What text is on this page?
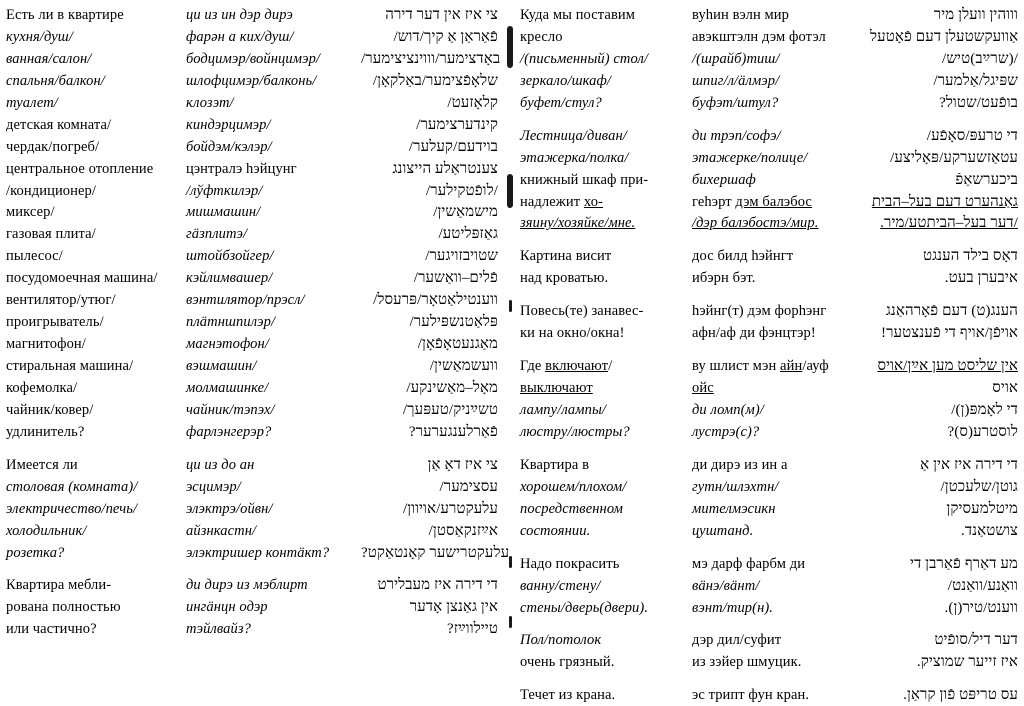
Есть ли в квартире	ци из ин дэр дирэ	צי איז אין דער דירה
кухня/душ/	фарән а ких/душ/	פֿאַראַן אַ קיך/דוש/
ванная/салон/	бодцимэр/войнцимэр/	באָדצימער/וווינציצימער/
спальня/балкон/	шлофцимэр/балконь/	שלאָפֿצימער/באַלקאָן/
туалет/	клозэт/	קלאָזעט/
детская комната/	киндэрцимэр/	קינדערצימער/
чердак/погреб/	бойдэм/кэлэр/	בוידעם/קעלער/
центральное отопление	цэнтралэ hэйцунг	צענטראַלע הייצונג
/кондиционер/	/лўфткилэр/	/לופֿטקילער/
миксер/	мишмашин/	מישמאַשין/
газовая плита/	гӓзплитэ/	גאַזפּליטע/
пылесос/	штойбзойгер/	שטויבזויגער/
посудомоечная машина/	кэйлимвашер/	פֿלים–וואַשער/
вентилятор/утюг/	вэнтилятор/прэсл/	ווענטילאַטאָר/פּרעסל/
проигрыватель/	плӓтншпилэр/	פּלאַטנשפּילער/
магнитофон/	магнэтофон/	מאַגנעטאָפֿאָן/
стиральная машина/	вэшмашин/	וועשמאַשין/
кофемолка/	молмашинке/	מאָל–מאַשינקע/
чайник/ковер/	чайник/тэпэх/	טשײַניק/טעפּעך/
удлинитель?	фарлэнгерэр?	פֿאַרלענגערער?
Имеется ли	ци из до ан	צי איז דאָ אַן
столовая (комната)/	эсцимэр/	עסצימער/
электричество/печь/	элэктрэ/ойвн/	עלעקטרע/אויוון/
холодильник/	айзнкастн/	אײַזנקאַסטן/
розетка?	элэктришер контӓкт?	עלעקטרישער קאָנטאַקט?
Квартира мебли-	ди дирэ из мэблирт	די דירה איז מעבלירט
рована полностью	ингӓнцн одэр	אין גאַנצן אָדער
или частично?	тэйлвайз?	טיילווײַז?
Куда мы поставим	вуhин вэлн мир	וווהין וועלן מיר
кресло	авэкштэлн дэм фотэл	אַוועקשטעלן דעם פֿאָטעל
/(письменный) стол/	/(шрайб)тиш/	/(שרײַב)טיש/
зеркало/шкаф/	шпиг/л/ӓлмэр/	שפּיגל/אַלמער/
буфет/стул?	буфэт/штул?	בופֿעט/שטול?
Лестница/диван/	ди трэп/софэ/	די טרעפּ/סאָפֿע/
этажерка/полка/	этажерке/полице/	עטאַזשערקע/פּאָליצע/
книжный шкаф при-	бихершаф	ביכערשאַפֿ
надлежит хо-	геhэрт дэм балэбос	גאַנהערט דעם בעל–הבית
зяину/хозяйке/мне.	/дэр балэбостэ/мир.	/דער בעל–הביתטע/מיר.
Картина висит	дос билд hэйнгт	דאָס בילד הענגט
над кроватью.	ибэрн бэт.	איבערן בעט.
Повесь(те) занавес-	hэйнг(т) дэм форhэнг	הענג(ט) דעם פֿאָרהאַנג
ки на окно/окна!	афн/аф ди фэнцтэр!	אויפֿן/אויף די פֿענצטער!
Где включают/	ву шлист мэн айн/ауф	אין שליסט מען אײַן/אויס
выключают	ойс	אויס
лампу/лампы/	ди ломп(м)/	די לאָמפּ(ן)/
люстру/люстры?	лустрэ(с)?	לוסטרע(ס)?
Квартира в	ди дирэ из ин а	די דירה איז אין אַ
хорошем/плохом/	гутн/шлэхтн/	גוטן/שלעכטן/
посредственном	мителмэсикн	מיטלמעסיקן
состоянии.	цуштанд.	צושטאַנד.
Надо покрасить	мэ дарф фарбм ди	מע דאַרף פֿאַרבן די
ванну/стену/	вӓнэ/вӓнт/	וואַנע/וואַנט/
стены/дверь(двери).	вэнт/тир(н).	ווענט/טיר(ן).
Пол/потолок	дэр дил/суфит	דער דיל/סופֿיט
очень грязный.	из зэйер шмуцик.	איז זייער שמוציק.
Течет из крана.	эс трипт фун кран.	עס טריפּט פֿון קראַן.
